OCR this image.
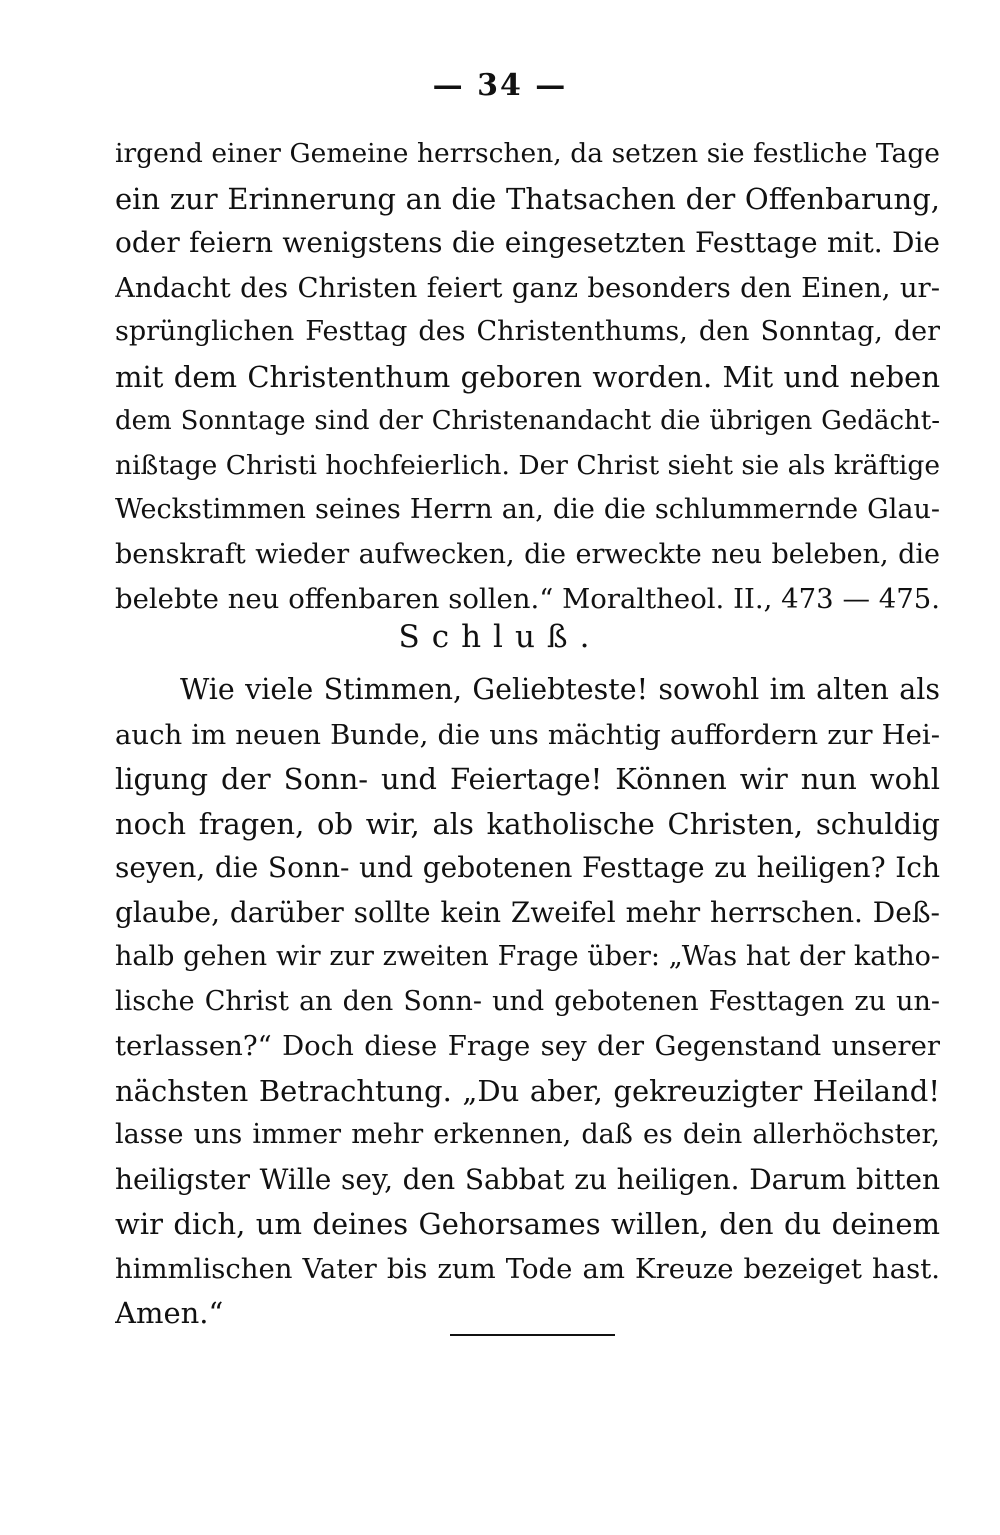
— 34 —
irgend einer Gemeine herrschen, da setzen sie festliche Tage
ein zur Erinnerung an die Thatsachen der Offenbarung,
oder feiern wenigstens die eingesetzten Festtage mit. Die
Andacht des Christen feiert ganz besonders den Einen, ur-
sprünglichen Festtag des Christenthums, den Sonntag, der
mit dem Christenthum geboren worden. Mit und neben
dem Sonntage sind der Christenandacht die übrigen Gedächt-
nißtage Christi hochfeierlich. Der Christ sieht sie als kräftige
Weckstimmen seines Herrn an, die die schlummernde Glau-
benskraft wieder aufwecken, die erweckte neu beleben, die
belebte neu offenbaren sollen.“ Moraltheol. II., 473 — 475.
Schluß.
Wie viele Stimmen, Geliebteste! sowohl im alten als
auch im neuen Bunde, die uns mächtig auffordern zur Hei-
ligung der Sonn- und Feiertage! Können wir nun wohl
noch fragen, ob wir, als katholische Christen, schuldig
seyen, die Sonn- und gebotenen Festtage zu heiligen? Ich
glaube, darüber sollte kein Zweifel mehr herrschen. Deß-
halb gehen wir zur zweiten Frage über: „Was hat der katho-
lische Christ an den Sonn- und gebotenen Festtagen zu un-
terlassen?“ Doch diese Frage sey der Gegenstand unserer
nächsten Betrachtung. „Du aber, gekreuzigter Heiland!
lasse uns immer mehr erkennen, daß es dein allerhöchster,
heiligster Wille sey, den Sabbat zu heiligen. Darum bitten
wir dich, um deines Gehorsames willen, den du deinem
himmlischen Vater bis zum Tode am Kreuze bezeiget hast.
Amen.“
